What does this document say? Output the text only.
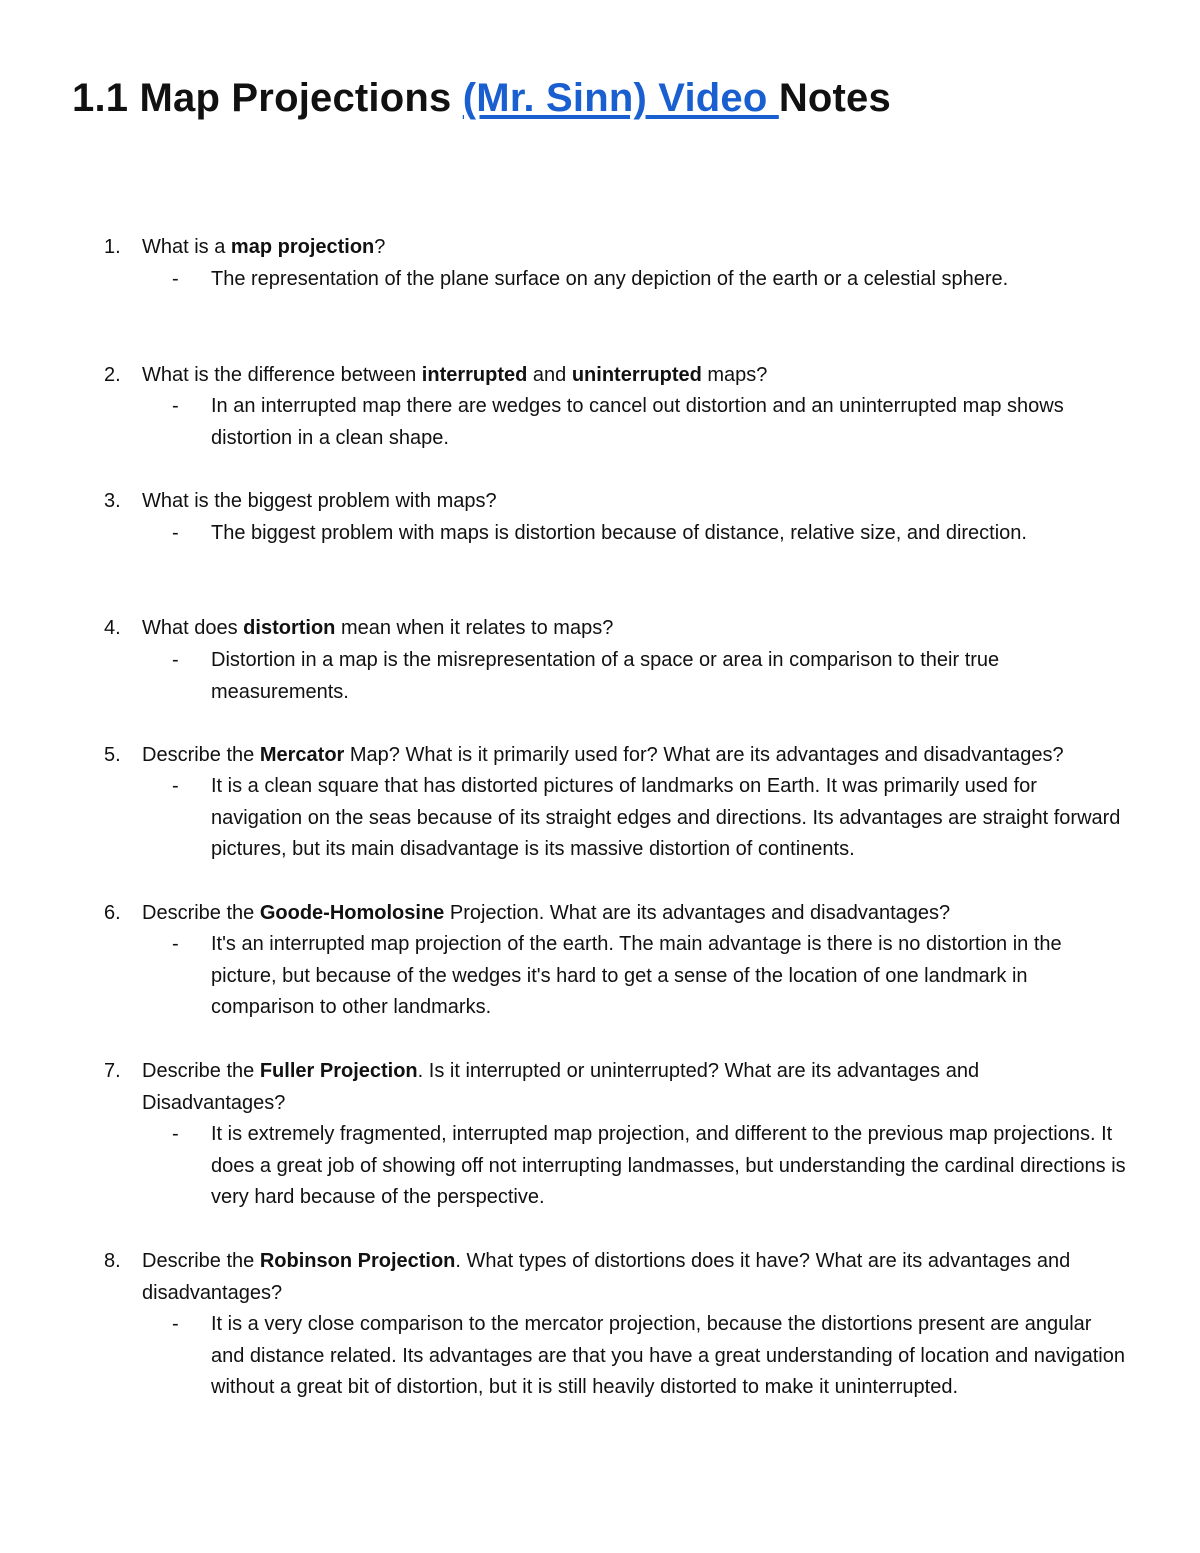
1.1 Map Projections (Mr. Sinn) Video Notes
1. What is a map projection?
- The representation of the plane surface on any depiction of the earth or a celestial sphere.
2. What is the difference between interrupted and uninterrupted maps?
- In an interrupted map there are wedges to cancel out distortion and an uninterrupted map shows distortion in a clean shape.
3. What is the biggest problem with maps?
- The biggest problem with maps is distortion because of distance, relative size, and direction.
4. What does distortion mean when it relates to maps?
- Distortion in a map is the misrepresentation of a space or area in comparison to their true measurements.
5. Describe the Mercator Map? What is it primarily used for? What are its advantages and disadvantages?
- It is a clean square that has distorted pictures of landmarks on Earth. It was primarily used for navigation on the seas because of its straight edges and directions. Its advantages are straight forward pictures, but its main disadvantage is its massive distortion of continents.
6. Describe the Goode-Homolosine Projection. What are its advantages and disadvantages?
- It's an interrupted map projection of the earth. The main advantage is there is no distortion in the picture, but because of the wedges it's hard to get a sense of the location of one landmark in comparison to other landmarks.
7. Describe the Fuller Projection. Is it interrupted or uninterrupted? What are its advantages and Disadvantages?
- It is extremely fragmented, interrupted map projection, and different to the previous map projections. It does a great job of showing off not interrupting landmasses, but understanding the cardinal directions is very hard because of the perspective.
8. Describe the Robinson Projection. What types of distortions does it have? What are its advantages and disadvantages?
- It is a very close comparison to the mercator projection, because the distortions present are angular and distance related. Its advantages are that you have a great understanding of location and navigation without a great bit of distortion, but it is still heavily distorted to make it uninterrupted.
